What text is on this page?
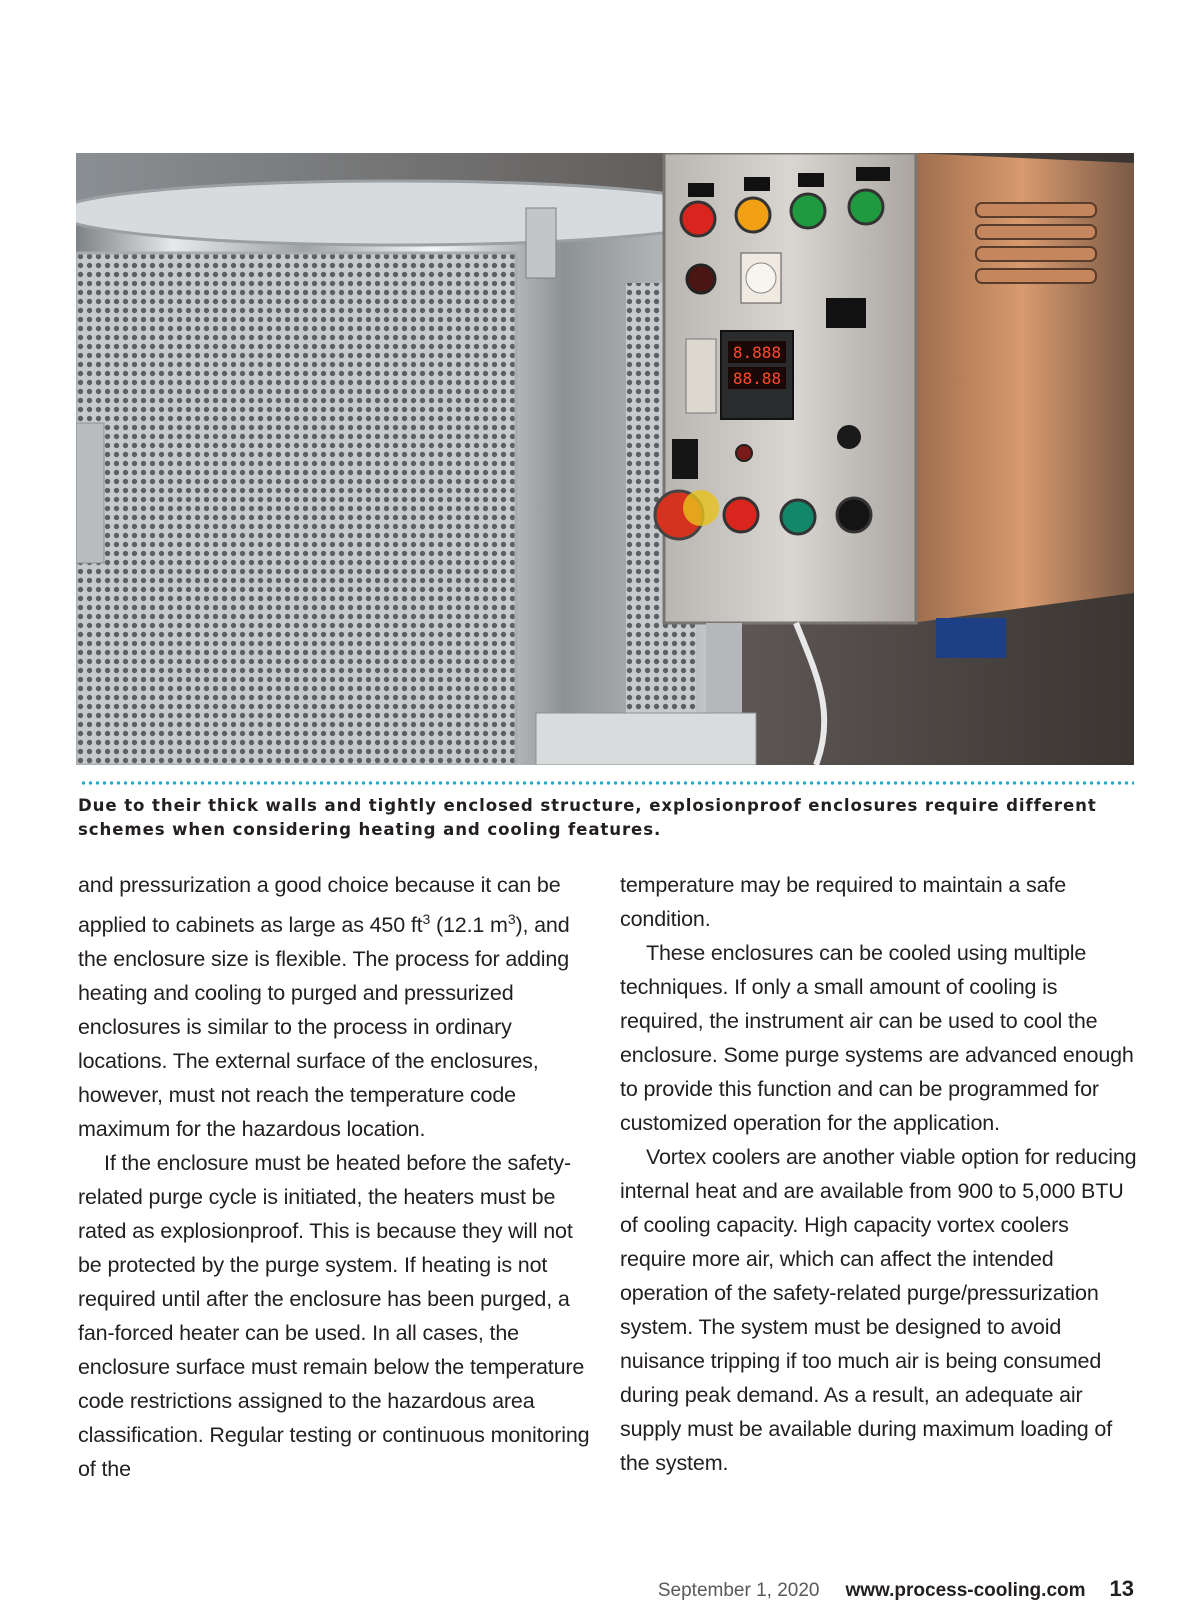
8.888
88.88
Due to their thick walls and tightly enclosed structure, explosionproof enclosures require different schemes when considering heating and cooling features.

and pressurization a good choice because it can be applied to cabinets as large as 450 $ft^3$ (12.1 $m^3$), and the enclosure size is flexible. The process for adding heating and cooling to purged and pressurized enclosures is similar to the process in ordinary locations. The external surface of the enclosures, however, must not reach the temperature code maximum for the hazardous location.

If the enclosure must be heated before the safety-related purge cycle is initiated, the heaters must be rated as explosionproof. This is because they will not be protected by the purge system. If heating is not required until after the enclosure has been purged, a fan-forced heater can be used. In all cases, the enclosure surface must remain below the temperature code restrictions assigned to the hazardous area classification. Regular testing or continuous monitoring of the

temperature may be required to maintain a safe condition.

These enclosures can be cooled using multiple techniques. If only a small amount of cooling is required, the instrument air can be used to cool the enclosure. Some purge systems are advanced enough to provide this function and can be programmed for customized operation for the application.

Vortex coolers are another viable option for reducing internal heat and are available from 900 to 5,000 BTU of cooling capacity. High capacity vortex coolers require more air, which can affect the intended operation of the safety-related purge/pressurization system. The system must be designed to avoid nuisance tripping if too much air is being consumed during peak demand. As a result, an adequate air supply must be available during maximum loading of the system.

September 1, 2020 www.process-cooling.com 13
